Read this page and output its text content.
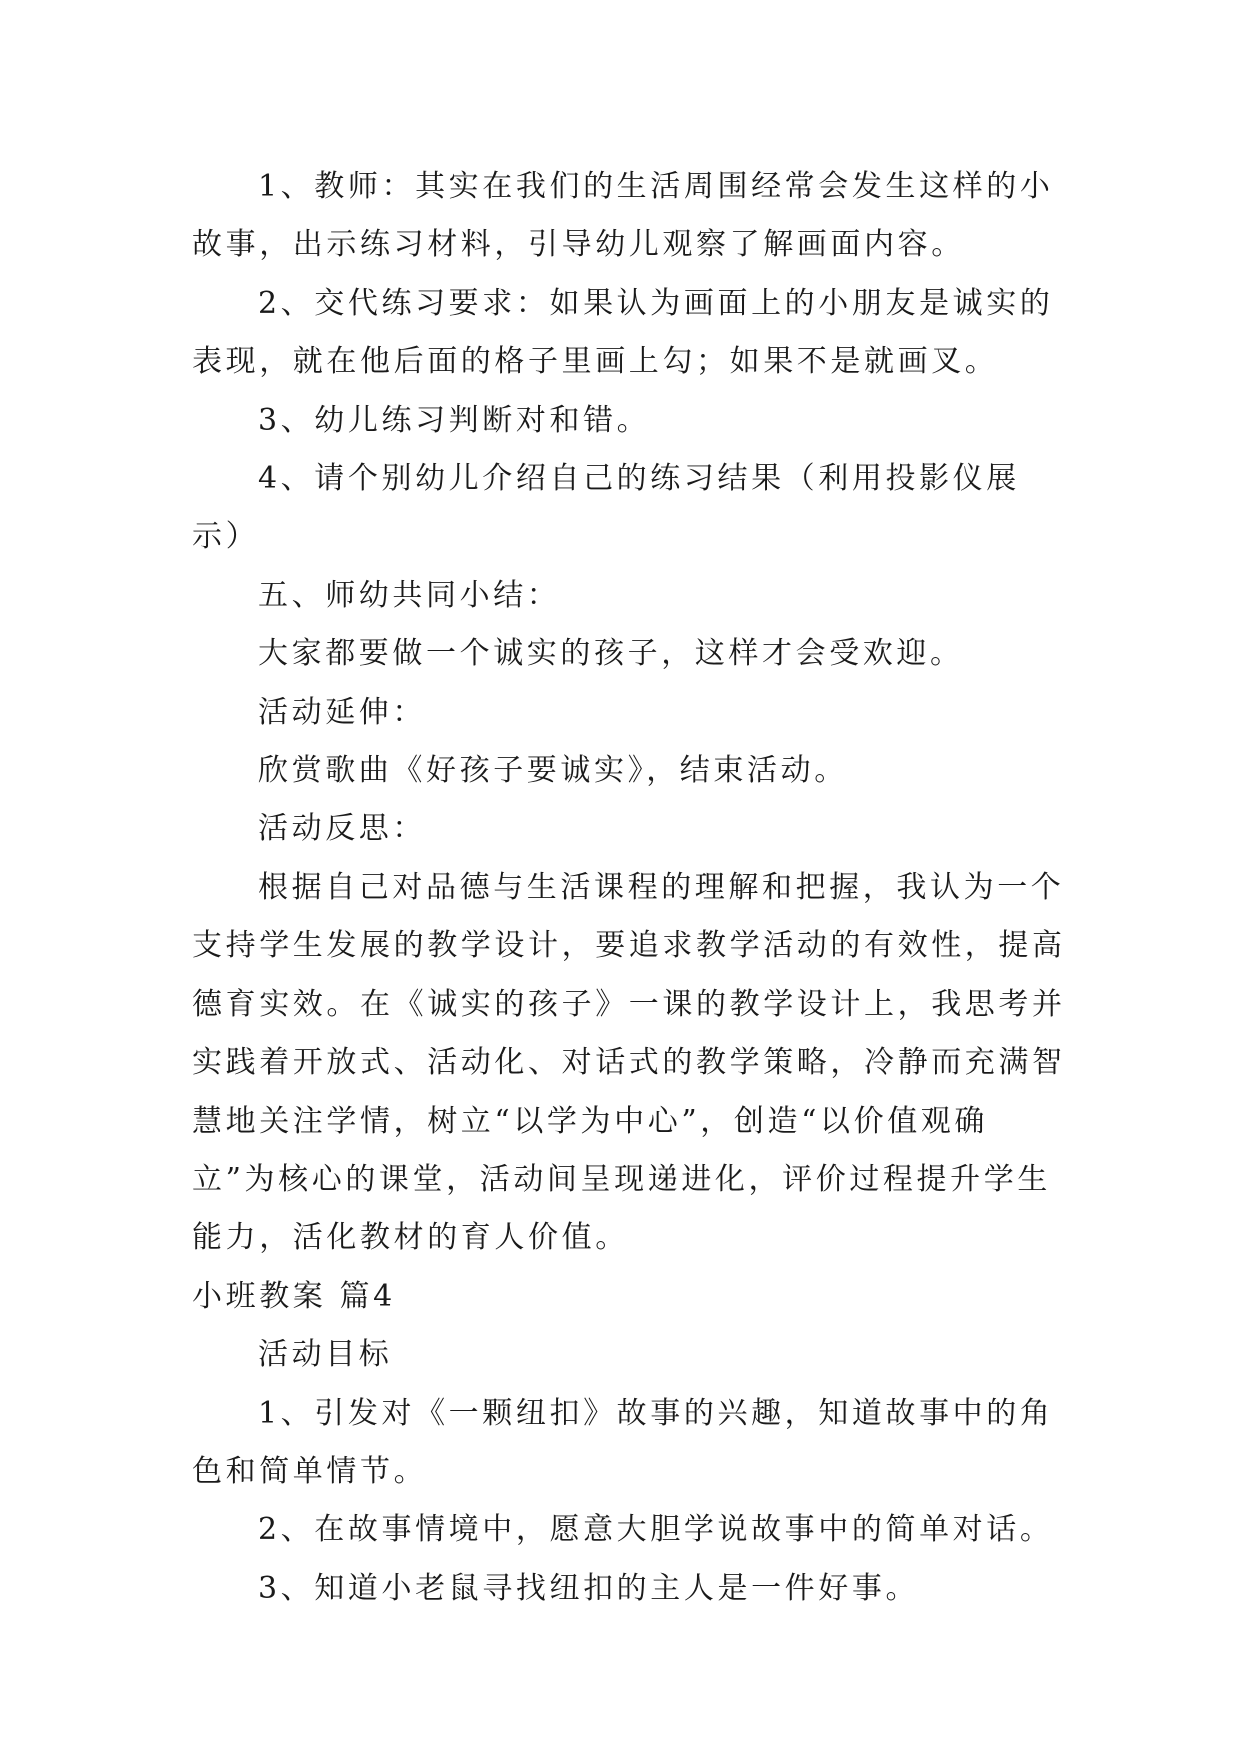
1、教师：其实在我们的生活周围经常会发生这样的小故事，出示练习材料，引导幼儿观察了解画面内容。

2、交代练习要求：如果认为画面上的小朋友是诚实的表现，就在他后面的格子里画上勾；如果不是就画叉。

3、幼儿练习判断对和错。

4、请个别幼儿介绍自己的练习结果（利用投影仪展示）

五、师幼共同小结：

大家都要做一个诚实的孩子，这样才会受欢迎。

活动延伸：

欣赏歌曲《好孩子要诚实》，结束活动。

活动反思：

根据自己对品德与生活课程的理解和把握，我认为一个支持学生发展的教学设计，要追求教学活动的有效性，提高德育实效。在《诚实的孩子》一课的教学设计上，我思考并实践着开放式、活动化、对话式的教学策略，冷静而充满智慧地关注学情，树立“以学为中心”，创造“以价值观确立”为核心的课堂，活动间呈现递进化，评价过程提升学生能力，活化教材的育人价值。

小班教案 篇4

活动目标

1、引发对《一颗纽扣》故事的兴趣，知道故事中的角色和简单情节。

2、在故事情境中，愿意大胆学说故事中的简单对话。

3、知道小老鼠寻找纽扣的主人是一件好事。
